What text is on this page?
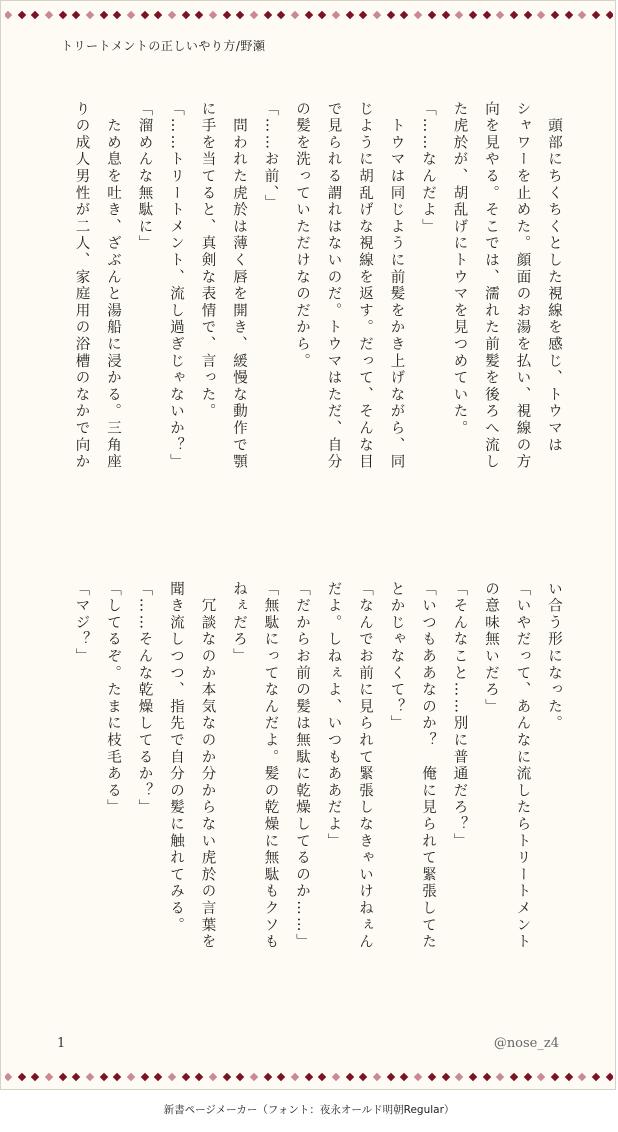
トリートメントの正しいやり方/野瀬
　頭部にちくちくとした視線を感じ、トウマは
シャワーを止めた。顔面のお湯を払い、視線の方
向を見やる。そこでは、濡れた前髪を後ろへ流し
た虎於が、胡乱げにトウマを見つめていた。
「……なんだよ」
　トウマは同じように前髪をかき上げながら、同
じように胡乱げな視線を返す。だって、そんな目
で見られる謂れはないのだ。トウマはただ、自分
の髪を洗っていただけなのだから。
「……お前、」
　問われた虎於は薄く唇を開き、緩慢な動作で顎
に手を当てると、真剣な表情で、言った。
「……トリートメント、流し過ぎじゃないか？」
「溜めんな無駄に」
　ため息を吐き、ざぶんと湯船に浸かる。三角座
りの成人男性が二人、家庭用の浴槽のなかで向か
い合う形になった。
「いやだって、あんなに流したらトリートメント
の意味無いだろ」
「そんなこと……別に普通だろ？」
「いつもああなのか？　俺に見られて緊張してた
とかじゃなくて？」
「なんでお前に見られて緊張しなきゃいけねぇん
だよ。しねぇよ、いつもああだよ」
「だからお前の髪は無駄に乾燥してるのか……」
「無駄にってなんだよ。髪の乾燥に無駄もクソも
ねぇだろ」
　冗談なのか本気なのか分からない虎於の言葉を
聞き流しつつ、指先で自分の髪に触れてみる。
「……そんな乾燥してるか？」
「してるぞ。たまに枝毛ある」
「マジ？」
1	@nose_z4
新書ページメーカー（フォント：夜永オールド明朝Regular）
